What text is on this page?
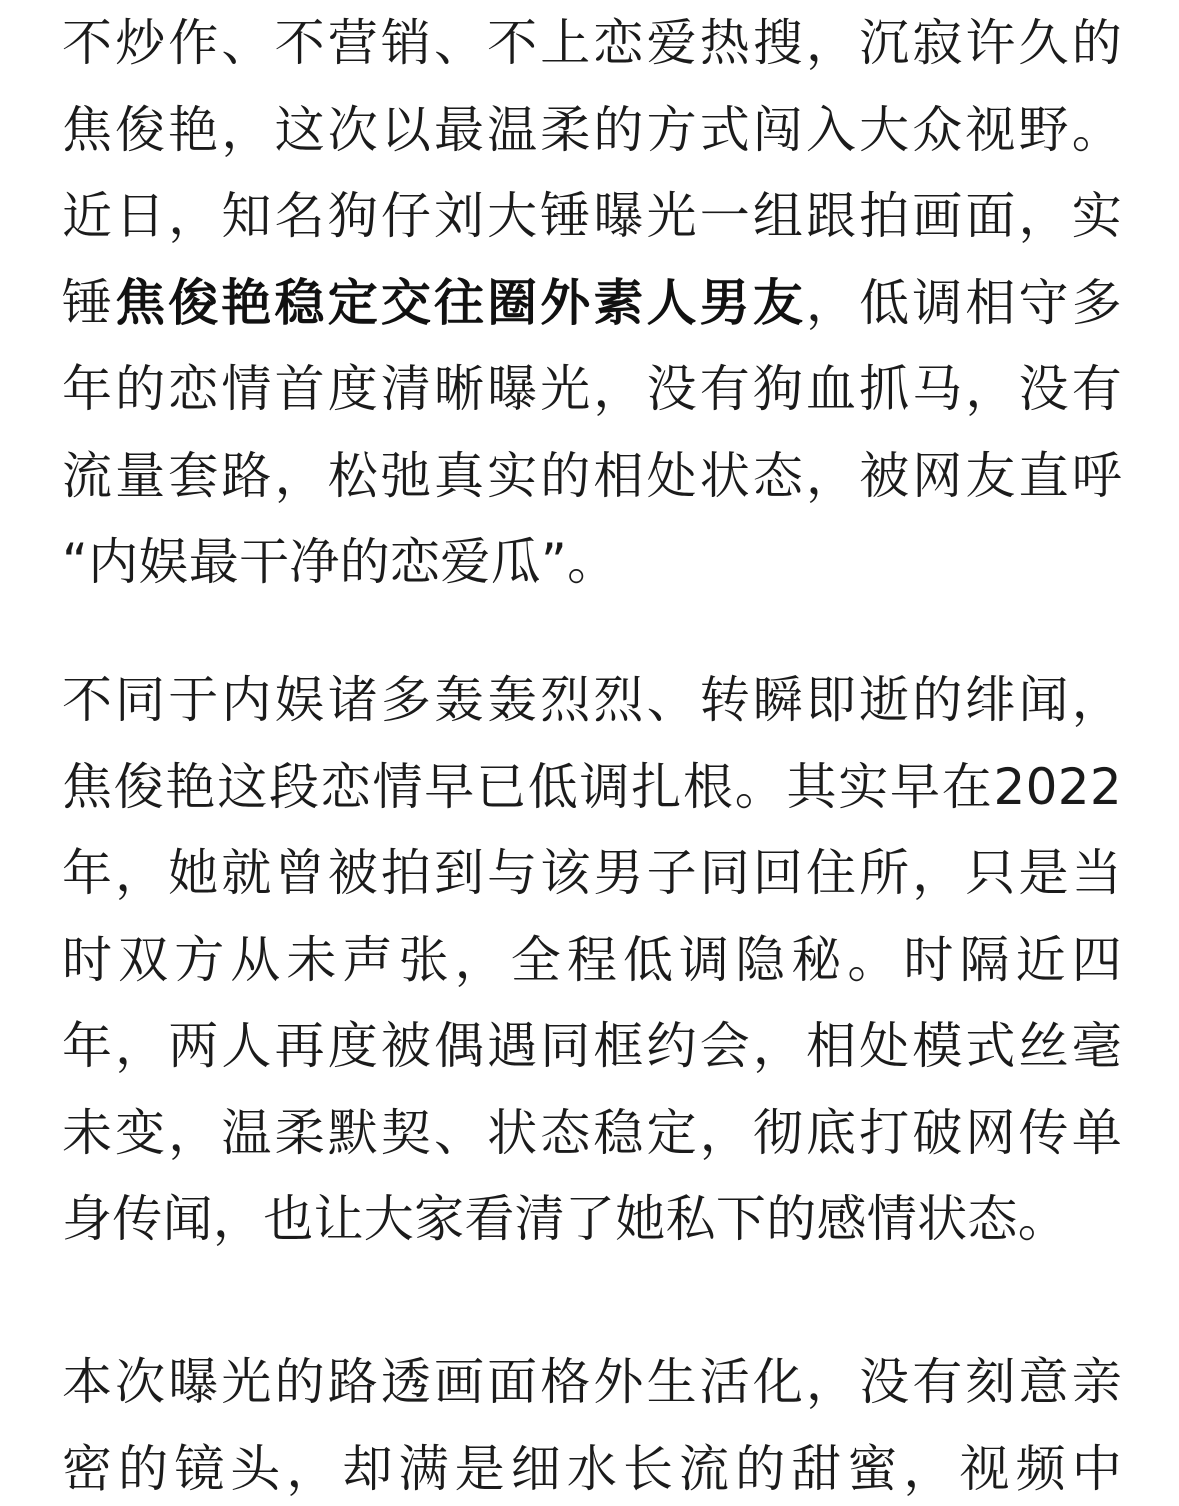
不炒作、不营销、不上恋爱热搜，沉寂许久的
焦俊艳，这次以最温柔的方式闯入大众视野。
近日，知名狗仔刘大锤曝光一组跟拍画面，实
锤焦俊艳稳定交往圈外素人男友，低调相守多
年的恋情首度清晰曝光，没有狗血抓马，没有
流量套路，松弛真实的相处状态，被网友直呼
“内娱最干净的恋爱瓜”。
不同于内娱诸多轰轰烈烈、转瞬即逝的绯闻，
焦俊艳这段恋情早已低调扎根。其实早在2022
年，她就曾被拍到与该男子同回住所，只是当
时双方从未声张，全程低调隐秘。时隔近四
年，两人再度被偶遇同框约会，相处模式丝毫
未变，温柔默契、状态稳定，彻底打破网传单
身传闻，也让大家看清了她私下的感情状态。
本次曝光的路透画面格外生活化，没有刻意亲
密的镜头，却满是细水长流的甜蜜，视频中
